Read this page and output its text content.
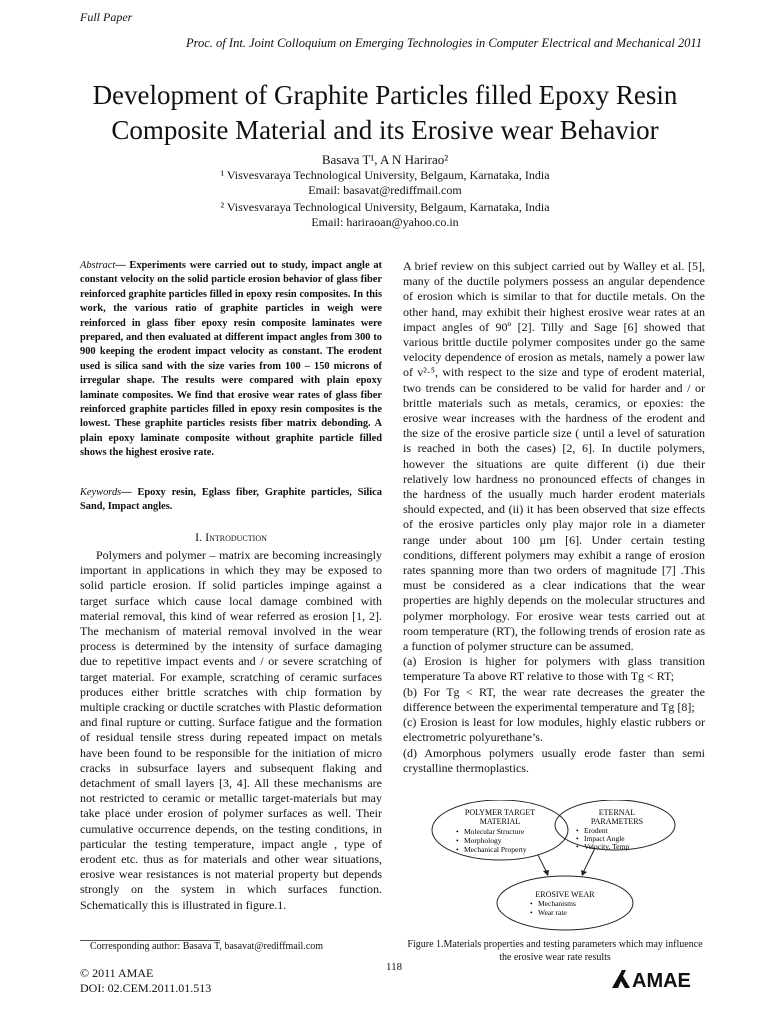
Full Paper
Proc. of Int. Joint Colloquium on Emerging Technologies in Computer Electrical and Mechanical 2011
Development of Graphite Particles filled Epoxy Resin
Composite Material and its Erosive wear Behavior
Basava T¹, A N Harirao²
¹ Visvesvaraya Technological University, Belgaum, Karnataka, India
Email: basavat@rediffmail.com
² Visvesvaraya Technological University, Belgaum, Karnataka, India
Email: hariraoan@yahoo.co.in
Abstract— Experiments were carried out to study, impact angle at constant velocity on the solid particle erosion behavior of glass fiber reinforced graphite particles filled in epoxy resin composites. In this work, the various ratio of graphite particles in weigh were reinforced in glass fiber epoxy resin composite laminates were prepared, and then evaluated at different impact angles from 300 to 900 keeping the erodent impact velocity as constant. The erodent used is silica sand with the size varies from 100 – 150 microns of irregular shape. The results were compared with plain epoxy laminate composites. We find that erosive wear rates of glass fiber reinforced graphite particles filled in epoxy resin composites is the lowest. These graphite particles resists fiber matrix debonding. A plain epoxy laminate composite without graphite particle filled shows the highest erosive rate.
Keywords— Epoxy resin, Eglass fiber, Graphite particles, Silica Sand, Impact angles.
I. Introduction

Polymers and polymer – matrix are becoming increasingly important in applications in which they may be exposed to solid particle erosion. If solid particles impinge against a target surface which cause local damage combined with material removal, this kind of wear referred as erosion [1, 2]. The mechanism of material removal involved in the wear process is determined by the intensity of surface damaging due to repetitive impact events and / or severe scratching of target material. For example, scratching of ceramic surfaces produces either brittle scratches with chip formation by multiple cracking or ductile scratches with Plastic deformation and final rupture or cutting. Surface fatigue and the formation of residual tensile stress during repeated impact on metals have been found to be responsible for the initiation of micro cracks in subsurface layers and subsequent flaking and detachment of small layers [3, 4]. All these mechanisms are not restricted to ceramic or metallic target-materials but may take place under erosion of polymer surfaces as well. Their cumulative occurrence depends, on the testing conditions, in particular the testing temperature, impact angle , type of erodent etc. thus as for materials and other wear situations, erosive wear resistances is not material property but depends strongly on the system in which surfaces function. Schematically this is illustrated in figure.1.

A brief review on this subject carried out by Walley et al. [5], many of the ductile polymers possess an angular dependence of erosion which is similar to that for ductile metals. On the other hand, may exhibit their highest erosive wear rates at an impact angles of 90º [2]. Tilly and Sage [6] showed that various brittle ductile polymer composites under go the same velocity dependence of erosion as metals, namely a power law of v²·⁵, with respect to the size and type of erodent material, two trends can be considered to be valid for harder and / or brittle materials such as metals, ceramics, or epoxies: the erosive wear increases with the hardness of the erodent and the size of the erosive particle size ( until a level of saturation is reached in both the cases) [2, 6]. In ductile polymers, however the situations are quite different (i) due their relatively low hardness no pronounced effects of changes in the hardness of the usually much harder erodent materials should expected, and (ii) it has been observed that size effects of the erosive particles only play major role in a diameter range under about 100 µm [6]. Under certain testing conditions, different polymers may exhibit a range of erosion rates spanning more than two orders of magnitude [7] .This must be considered as a clear indications that the wear properties are highly depends on the molecular structures and polymer morphology. For erosive wear tests carried out at room temperature (RT), the following trends of erosion rate as a function of polymer structure can be assumed.

(a) Erosion is higher for polymers with glass transition temperature Ta above RT relative to those with Tg < RT;

(b) For Tg < RT, the wear rate decreases the greater the difference between the experimental temperature and Tg [8];

(c) Erosion is least for low modules, highly elastic rubbers or electrometric polyurethane’s.

(d) Amorphous polymers usually erode faster than semi crystalline thermoplastics.

POLYMER TARGET
MATERIAL
• Molecular Structure
• Morphology
• Mechanical Property
ETERNAL
PARAMETERS
• Erodent
• Impact Angle
• Velocity, Temp
EROSIVE WEAR
• Mechanisms
• Wear rate
Figure 1.Materials properties and testing parameters which may influence the erosive wear rate results
Corresponding author: Basava T, basavat@rediffmail.com
118
© 2011 AMAE
DOI: 02.CEM.2011.01.513	AMAE
